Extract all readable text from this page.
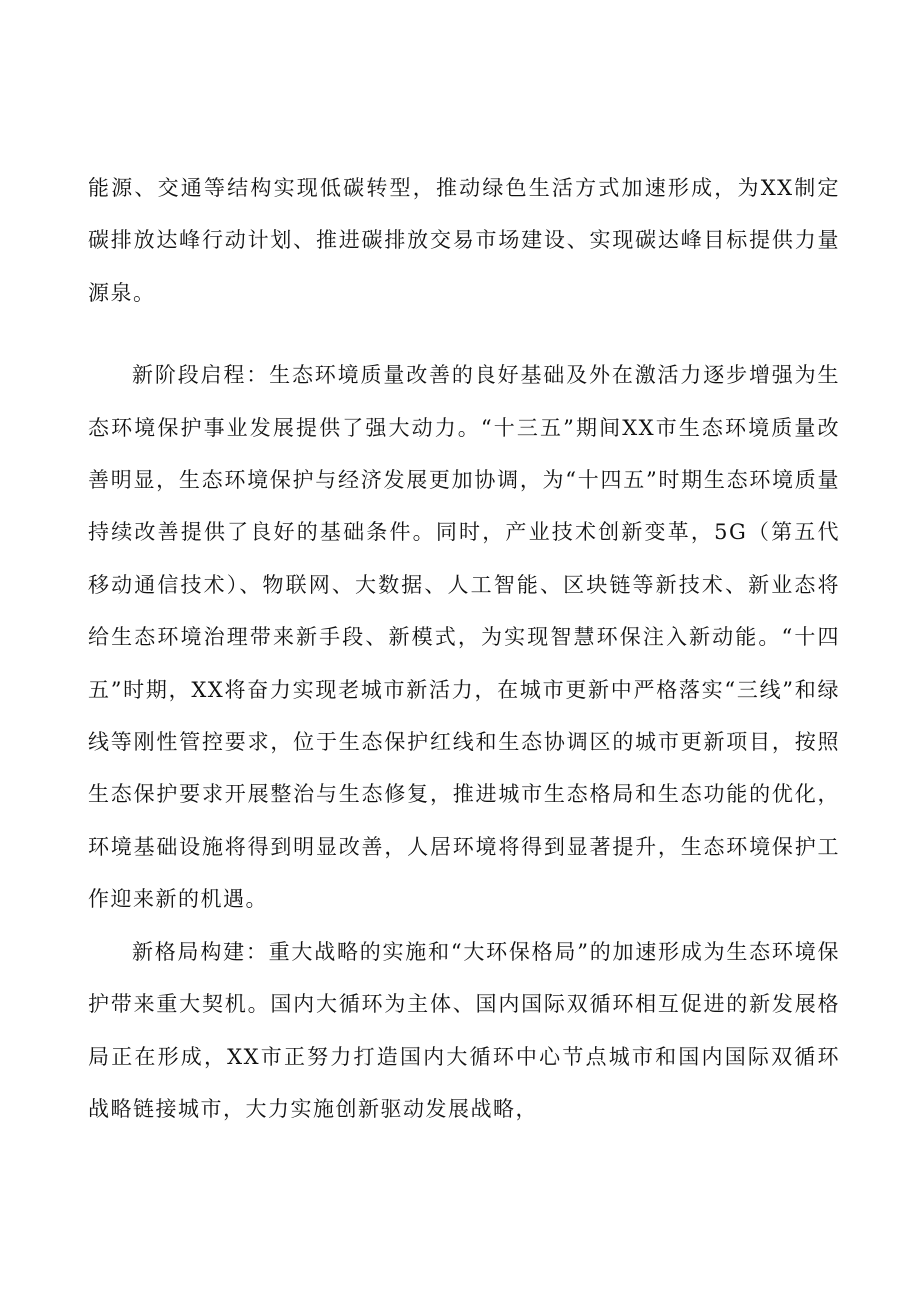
能源、交通等结构实现低碳转型，推动绿色生活方式加速形成，为XX制定碳排放达峰行动计划、推进碳排放交易市场建设、实现碳达峰目标提供力量源泉。

新阶段启程：生态环境质量改善的良好基础及外在激活力逐步增强为生态环境保护事业发展提供了强大动力。“十三五”期间XX市生态环境质量改善明显，生态环境保护与经济发展更加协调，为“十四五”时期生态环境质量持续改善提供了良好的基础条件。同时，产业技术创新变革，5G（第五代移动通信技术）、物联网、大数据、人工智能、区块链等新技术、新业态将给生态环境治理带来新手段、新模式，为实现智慧环保注入新动能。“十四五”时期，XX将奋力实现老城市新活力，在城市更新中严格落实“三线”和绿线等刚性管控要求，位于生态保护红线和生态协调区的城市更新项目，按照生态保护要求开展整治与生态修复，推进城市生态格局和生态功能的优化，环境基础设施将得到明显改善，人居环境将得到显著提升，生态环境保护工作迎来新的机遇。

新格局构建：重大战略的实施和“大环保格局”的加速形成为生态环境保护带来重大契机。国内大循环为主体、国内国际双循环相互促进的新发展格局正在形成，XX市正努力打造国内大循环中心节点城市和国内国际双循环战略链接城市，大力实施创新驱动发展战略，
